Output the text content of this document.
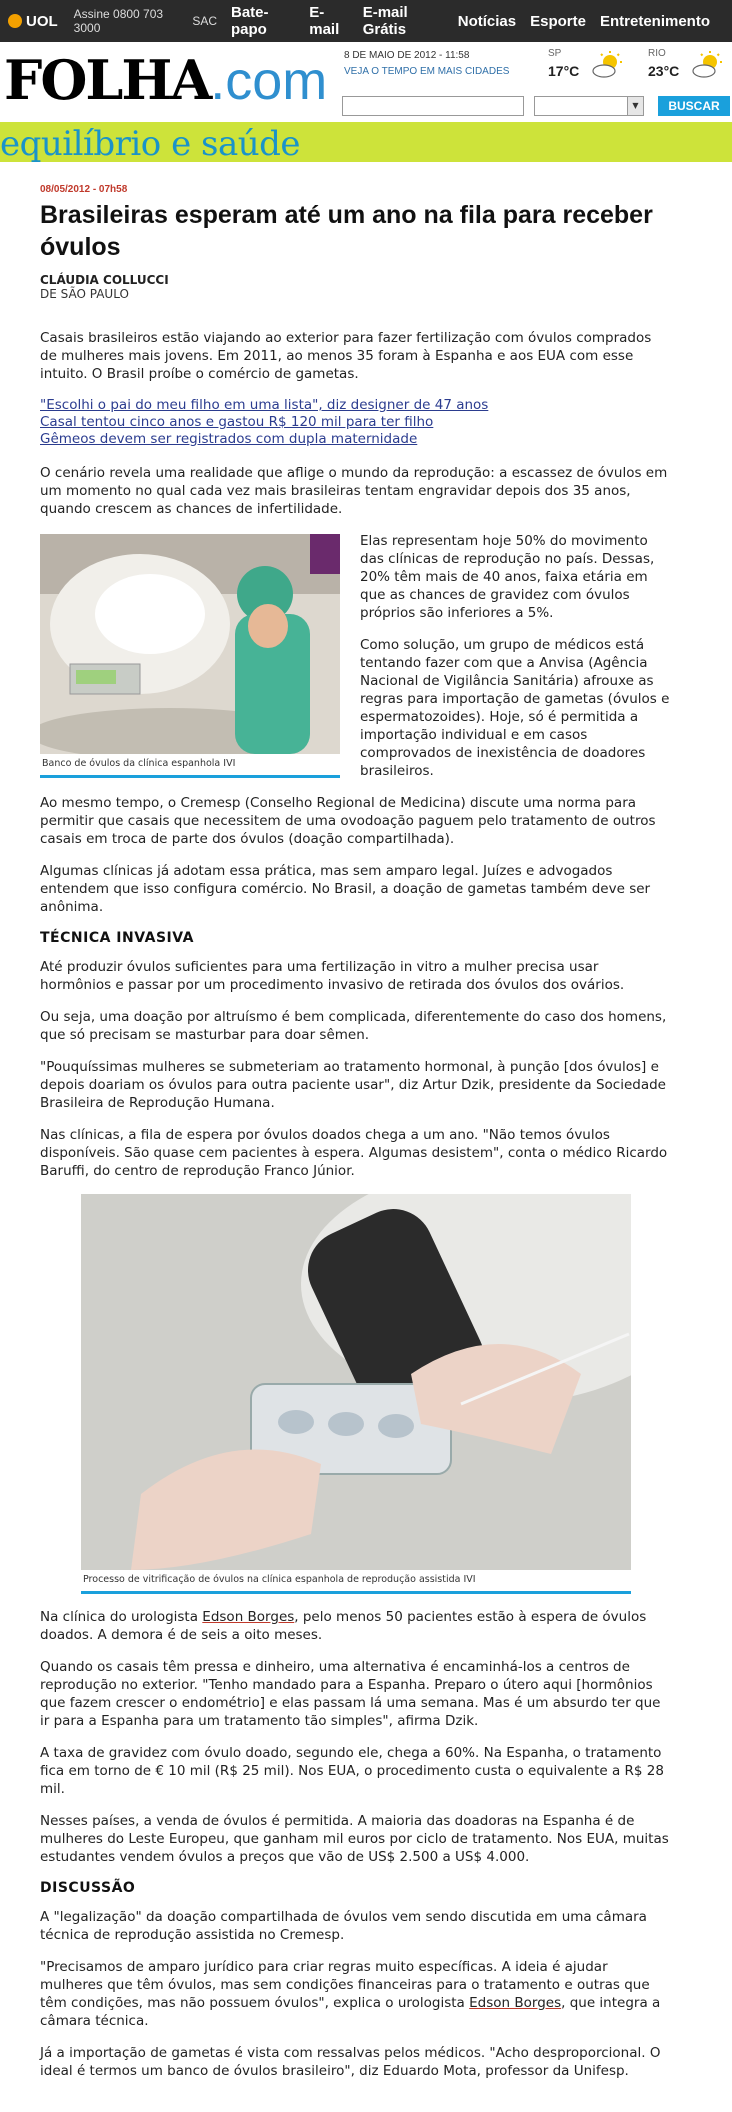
UOL Assine 0800 703 3000	SAC Bate-papo
E-mail
E-mail Grátis	Notícias Esporte Entretenimento
FOLHA.com 8 DE MAIO DE 2012 - 11:58
VEJA O TEMPO EM MAIS CIDADES
SP
17°C
RIO
23°C
▼	BUSCAR
equilíbrio e saúde
08/05/2012 - 07h58
Brasileiras esperam até um ano na fila para receber óvulos
CLÁUDIA COLLUCCI
DE SÃO PAULO

Casais brasileiros estão viajando ao exterior para fazer fertilização com óvulos comprados de mulheres mais jovens. Em 2011, ao menos 35 foram à Espanha e aos EUA com esse intuito. O Brasil proíbe o comércio de gametas.

"Escolhi o pai do meu filho em uma lista", diz designer de 47 anos
Casal tentou cinco anos e gastou R$ 120 mil para ter filho
Gêmeos devem ser registrados com dupla maternidade

O cenário revela uma realidade que aflige o mundo da reprodução: a escassez de óvulos em um momento no qual cada vez mais brasileiras tentam engravidar depois dos 35 anos, quando crescem as chances de infertilidade.

Banco de óvulos da clínica espanhola IVI

Elas representam hoje 50% do movimento das clínicas de reprodução no país. Dessas, 20% têm mais de 40 anos, faixa etária em que as chances de gravidez com óvulos próprios são inferiores a 5%.

Como solução, um grupo de médicos está tentando fazer com que a Anvisa (Agência Nacional de Vigilância Sanitária) afrouxe as regras para importação de gametas (óvulos e espermatozoides). Hoje, só é permitida a importação individual e em casos comprovados de inexistência de doadores brasileiros.

Ao mesmo tempo, o Cremesp (Conselho Regional de Medicina) discute uma norma para permitir que casais que necessitem de uma ovodoação paguem pelo tratamento de outros casais em troca de parte dos óvulos (doação compartilhada).

Algumas clínicas já adotam essa prática, mas sem amparo legal. Juízes e advogados entendem que isso configura comércio. No Brasil, a doação de gametas também deve ser anônima.

TÉCNICA INVASIVA

Até produzir óvulos suficientes para uma fertilização in vitro a mulher precisa usar hormônios e passar por um procedimento invasivo de retirada dos óvulos dos ovários.

Ou seja, uma doação por altruísmo é bem complicada, diferentemente do caso dos homens, que só precisam se masturbar para doar sêmen.

"Pouquíssimas mulheres se submeteriam ao tratamento hormonal, à punção [dos óvulos] e depois doariam os óvulos para outra paciente usar", diz Artur Dzik, presidente da Sociedade Brasileira de Reprodução Humana.

Nas clínicas, a fila de espera por óvulos doados chega a um ano. "Não temos óvulos disponíveis. São quase cem pacientes à espera. Algumas desistem", conta o médico Ricardo Baruffi, do centro de reprodução Franco Júnior.

Processo de vitrificação de óvulos na clínica espanhola de reprodução assistida IVI

Na clínica do urologista Edson Borges, pelo menos 50 pacientes estão à espera de óvulos doados. A demora é de seis a oito meses.

Quando os casais têm pressa e dinheiro, uma alternativa é encaminhá-los a centros de reprodução no exterior. "Tenho mandado para a Espanha. Preparo o útero aqui [hormônios que fazem crescer o endométrio] e elas passam lá uma semana. Mas é um absurdo ter que ir para a Espanha para um tratamento tão simples", afirma Dzik.

A taxa de gravidez com óvulo doado, segundo ele, chega a 60%. Na Espanha, o tratamento fica em torno de € 10 mil (R$ 25 mil). Nos EUA, o procedimento custa o equivalente a R$ 28 mil.

Nesses países, a venda de óvulos é permitida. A maioria das doadoras na Espanha é de mulheres do Leste Europeu, que ganham mil euros por ciclo de tratamento. Nos EUA, muitas estudantes vendem óvulos a preços que vão de US$ 2.500 a US$ 4.000.

DISCUSSÃO

A "legalização" da doação compartilhada de óvulos vem sendo discutida em uma câmara técnica de reprodução assistida no Cremesp.

"Precisamos de amparo jurídico para criar regras muito específicas. A ideia é ajudar mulheres que têm óvulos, mas sem condições financeiras para o tratamento e outras que têm condições, mas não possuem óvulos", explica o urologista Edson Borges, que integra a câmara técnica.

Já a importação de gametas é vista com ressalvas pelos médicos. "Acho desproporcional. O ideal é termos um banco de óvulos brasileiro", diz Eduardo Mota, professor da Unifesp.
